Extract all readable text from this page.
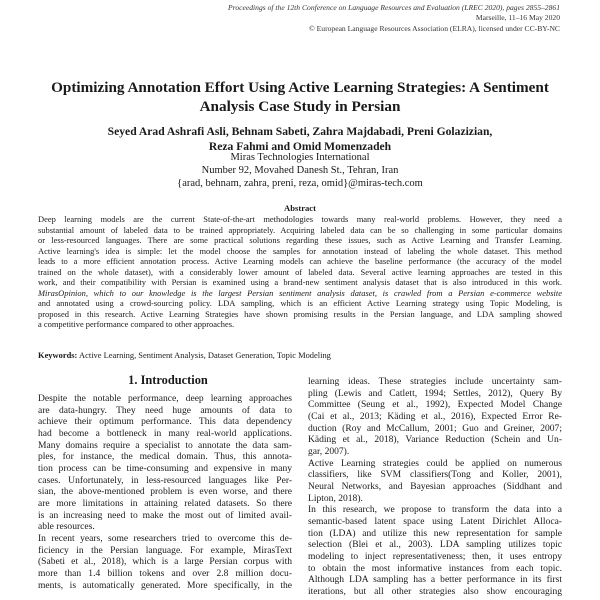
Proceedings of the 12th Conference on Language Resources and Evaluation (LREC 2020), pages 2855–2861
Marseille, 11–16 May 2020
© European Language Resources Association (ELRA), licensed under CC-BY-NC
Optimizing Annotation Effort Using Active Learning Strategies: A Sentiment
Analysis Case Study in Persian
Seyed Arad Ashrafi Asli, Behnam Sabeti, Zahra Majdabadi, Preni Golazizian,
Reza Fahmi and Omid Momenzadeh
Miras Technologies International
Number 92, Movahed Danesh St., Tehran, Iran
{arad, behnam, zahra, preni, reza, omid}@miras-tech.com
Abstract
Deep learning models are the current State-of-the-art methodologies towards many real-world problems. However, they need a
substantial amount of labeled data to be trained appropriately. Acquiring labeled data can be so challenging in some particular domains
or less-resourced languages. There are some practical solutions regarding these issues, such as Active Learning and Transfer Learning.
Active learning's idea is simple: let the model choose the samples for annotation instead of labeling the whole dataset. This method
leads to a more efficient annotation process. Active Learning models can achieve the baseline performance (the accuracy of the model
trained on the whole dataset), with a considerably lower amount of labeled data. Several active learning approaches are tested in this
work, and their compatibility with Persian is examined using a brand-new sentiment analysis dataset that is also introduced in this work.
MirasOpinion, which to our knowledge is the largest Persian sentiment analysis dataset, is crawled from a Persian e-commerce website
and annotated using a crowd-sourcing policy. LDA sampling, which is an efficient Active Learning strategy using Topic Modeling, is
proposed in this research. Active Learning Strategies have shown promising results in the Persian language, and LDA sampling showed
a competitive performance compared to other approaches.
Keywords: Active Learning, Sentiment Analysis, Dataset Generation, Topic Modeling
1. Introduction
Despite the notable performance, deep learning approaches
are data-hungry. They need huge amounts of data to
achieve their optimum performance. This data dependency
had become a bottleneck in many real-world applications.
Many domains require a specialist to annotate the data sam-
ples, for instance, the medical domain. Thus, this annota-
tion process can be time-consuming and expensive in many
cases. Unfortunately, in less-resourced languages like Per-
sian, the above-mentioned problem is even worse, and there
are more limitations in attaining related datasets. So there
is an increasing need to make the most out of limited avail-
able resources.
In recent years, some researchers tried to overcome this de-
ficiency in the Persian language. For example, MirasText
(Sabeti et al., 2018), which is a large Persian corpus with
more than 1.4 billion tokens and over 2.8 million docu-
ments, is automatically generated. More specifically, in the
learning ideas. These strategies include uncertainty sam-
pling (Lewis and Catlett, 1994; Settles, 2012), Query By
Committee (Seung et al., 1992), Expected Model Change
(Cai et al., 2013; Käding et al., 2016), Expected Error Re-
duction (Roy and McCallum, 2001; Guo and Greiner, 2007;
Käding et al., 2018), Variance Reduction (Schein and Un-
gar, 2007).
Active Learning strategies could be applied on numerous
classifiers, like SVM classifiers(Tong and Koller, 2001),
Neural Networks, and Bayesian approaches (Siddhant and
Lipton, 2018).
In this research, we propose to transform the data into a
semantic-based latent space using Latent Dirichlet Alloca-
tion (LDA) and utilize this new representation for sample
selection (Blei et al., 2003). LDA sampling utilizes topic
modeling to inject representativeness; then, it uses entropy
to obtain the most informative instances from each topic.
Although LDA sampling has a better performance in its first
iterations, but all other strategies also show encouraging
